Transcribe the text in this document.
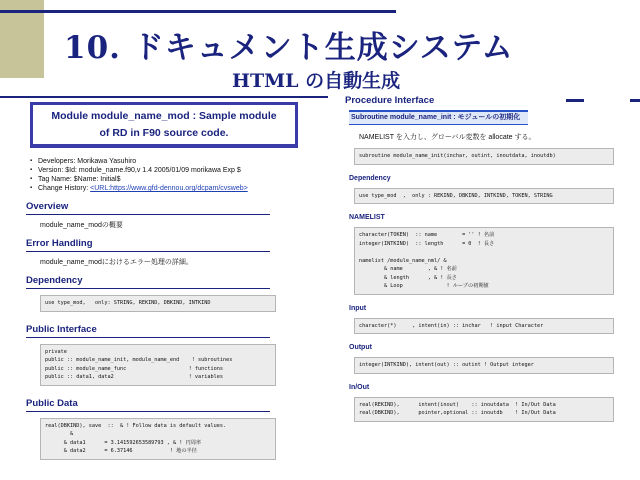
10. ドキュメント生成システム
HTML の自動生成
Module module_name_mod : Sample module
of RD in F90 source code.
▪ Developers: Morikawa Yasuhiro
▪ Version: $Id: module_name.f90,v 1.4 2005/01/09 morikawa Exp $
▪ Tag Name: $Name: Initial$
▪ Change History: <URL:https://www.gfd-dennou.org/dcpam/cvsweb>
Overview
module_name_modの概要
Error Handling
module_name_modにおけるエラー処理の詳細。
Dependency
use type_mod,   only: STRING, REKIND, DBKIND, INTKIND
Public Interface
private
public :: module_name_init, module_name_end    ! subroutines
public :: module_name_func                    ! functions
public :: data1, data2                        ! variables
Public Data
real(DBKIND), save  ::  & ! Follow data is default values.
&
& data1      = 3.141592653589793 , & ! 円周率
& data2      = 6.37146            ! 地の半径
Procedure Interface
Subroutine module_name_init : モジュールの初期化
NAMELIST を入力し、グローバル変数を allocate する。
subroutine module_name_init(inchar, outint, inoutdata, inoutdb)
Dependency
use type_mod  ,  only : REKIND, DBKIND, INTKIND, TOKEN, STRING
NAMELIST
character(TOKEN)  :: name        = '' ! 名前
integer(INTKIND)  :: length      = 0  ! 長さ

namelist /module_name_nml/ &
& name        , & ! 名前
& length      , & ! 長さ
& Loop              ! ループの初期値
Input
character(*)     , intent(in) :: inchar   ! input Character
Output
integer(INTKIND), intent(out) :: outint ! Output integer
In/Out
real(REKIND),      intent(inout)    :: inoutdata  ! In/Out Data
real(DBKIND),      pointer,optional :: inoutdb    ! In/Out Data
